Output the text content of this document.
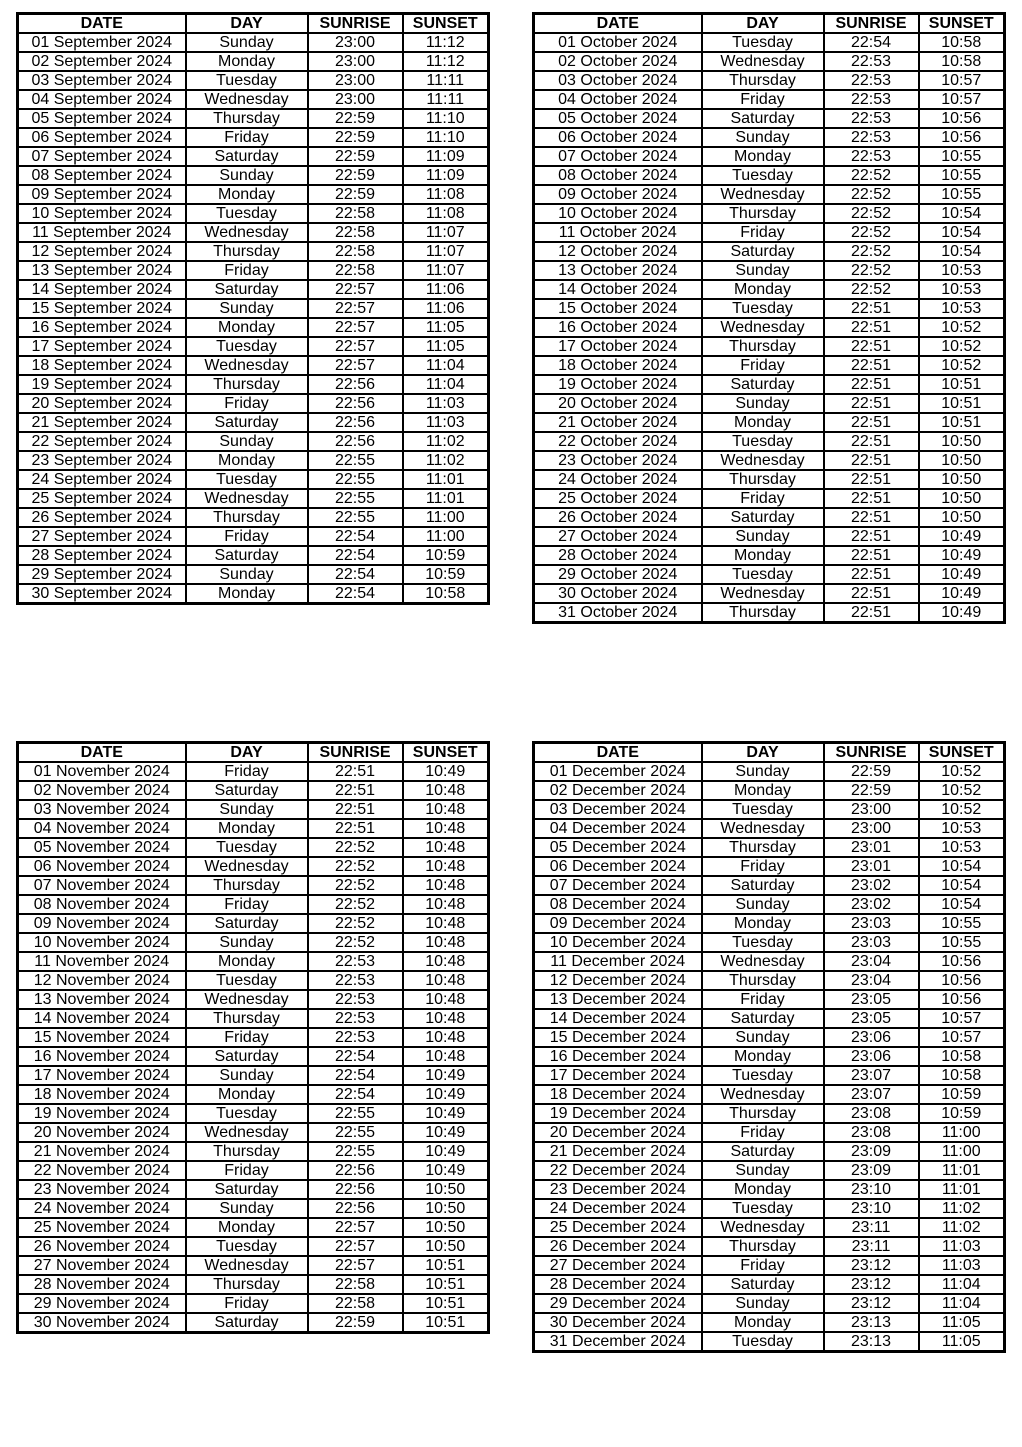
DATE	DAY	SUNRISE	SUNSET
01 September 2024	Sunday	23:00	11:12
02 September 2024	Monday	23:00	11:12
03 September 2024	Tuesday	23:00	11:11
04 September 2024	Wednesday	23:00	11:11
05 September 2024	Thursday	22:59	11:10
06 September 2024	Friday	22:59	11:10
07 September 2024	Saturday	22:59	11:09
08 September 2024	Sunday	22:59	11:09
09 September 2024	Monday	22:59	11:08
10 September 2024	Tuesday	22:58	11:08
11 September 2024	Wednesday	22:58	11:07
12 September 2024	Thursday	22:58	11:07
13 September 2024	Friday	22:58	11:07
14 September 2024	Saturday	22:57	11:06
15 September 2024	Sunday	22:57	11:06
16 September 2024	Monday	22:57	11:05
17 September 2024	Tuesday	22:57	11:05
18 September 2024	Wednesday	22:57	11:04
19 September 2024	Thursday	22:56	11:04
20 September 2024	Friday	22:56	11:03
21 September 2024	Saturday	22:56	11:03
22 September 2024	Sunday	22:56	11:02
23 September 2024	Monday	22:55	11:02
24 September 2024	Tuesday	22:55	11:01
25 September 2024	Wednesday	22:55	11:01
26 September 2024	Thursday	22:55	11:00
27 September 2024	Friday	22:54	11:00
28 September 2024	Saturday	22:54	10:59
29 September 2024	Sunday	22:54	10:59
30 September 2024	Monday	22:54	10:58
DATE	DAY	SUNRISE	SUNSET
01 October 2024	Tuesday	22:54	10:58
02 October 2024	Wednesday	22:53	10:58
03 October 2024	Thursday	22:53	10:57
04 October 2024	Friday	22:53	10:57
05 October 2024	Saturday	22:53	10:56
06 October 2024	Sunday	22:53	10:56
07 October 2024	Monday	22:53	10:55
08 October 2024	Tuesday	22:52	10:55
09 October 2024	Wednesday	22:52	10:55
10 October 2024	Thursday	22:52	10:54
11 October 2024	Friday	22:52	10:54
12 October 2024	Saturday	22:52	10:54
13 October 2024	Sunday	22:52	10:53
14 October 2024	Monday	22:52	10:53
15 October 2024	Tuesday	22:51	10:53
16 October 2024	Wednesday	22:51	10:52
17 October 2024	Thursday	22:51	10:52
18 October 2024	Friday	22:51	10:52
19 October 2024	Saturday	22:51	10:51
20 October 2024	Sunday	22:51	10:51
21 October 2024	Monday	22:51	10:51
22 October 2024	Tuesday	22:51	10:50
23 October 2024	Wednesday	22:51	10:50
24 October 2024	Thursday	22:51	10:50
25 October 2024	Friday	22:51	10:50
26 October 2024	Saturday	22:51	10:50
27 October 2024	Sunday	22:51	10:49
28 October 2024	Monday	22:51	10:49
29 October 2024	Tuesday	22:51	10:49
30 October 2024	Wednesday	22:51	10:49
31 October 2024	Thursday	22:51	10:49
DATE	DAY	SUNRISE	SUNSET
01 November 2024	Friday	22:51	10:49
02 November 2024	Saturday	22:51	10:48
03 November 2024	Sunday	22:51	10:48
04 November 2024	Monday	22:51	10:48
05 November 2024	Tuesday	22:52	10:48
06 November 2024	Wednesday	22:52	10:48
07 November 2024	Thursday	22:52	10:48
08 November 2024	Friday	22:52	10:48
09 November 2024	Saturday	22:52	10:48
10 November 2024	Sunday	22:52	10:48
11 November 2024	Monday	22:53	10:48
12 November 2024	Tuesday	22:53	10:48
13 November 2024	Wednesday	22:53	10:48
14 November 2024	Thursday	22:53	10:48
15 November 2024	Friday	22:53	10:48
16 November 2024	Saturday	22:54	10:48
17 November 2024	Sunday	22:54	10:49
18 November 2024	Monday	22:54	10:49
19 November 2024	Tuesday	22:55	10:49
20 November 2024	Wednesday	22:55	10:49
21 November 2024	Thursday	22:55	10:49
22 November 2024	Friday	22:56	10:49
23 November 2024	Saturday	22:56	10:50
24 November 2024	Sunday	22:56	10:50
25 November 2024	Monday	22:57	10:50
26 November 2024	Tuesday	22:57	10:50
27 November 2024	Wednesday	22:57	10:51
28 November 2024	Thursday	22:58	10:51
29 November 2024	Friday	22:58	10:51
30 November 2024	Saturday	22:59	10:51
DATE	DAY	SUNRISE	SUNSET
01 December 2024	Sunday	22:59	10:52
02 December 2024	Monday	22:59	10:52
03 December 2024	Tuesday	23:00	10:52
04 December 2024	Wednesday	23:00	10:53
05 December 2024	Thursday	23:01	10:53
06 December 2024	Friday	23:01	10:54
07 December 2024	Saturday	23:02	10:54
08 December 2024	Sunday	23:02	10:54
09 December 2024	Monday	23:03	10:55
10 December 2024	Tuesday	23:03	10:55
11 December 2024	Wednesday	23:04	10:56
12 December 2024	Thursday	23:04	10:56
13 December 2024	Friday	23:05	10:56
14 December 2024	Saturday	23:05	10:57
15 December 2024	Sunday	23:06	10:57
16 December 2024	Monday	23:06	10:58
17 December 2024	Tuesday	23:07	10:58
18 December 2024	Wednesday	23:07	10:59
19 December 2024	Thursday	23:08	10:59
20 December 2024	Friday	23:08	11:00
21 December 2024	Saturday	23:09	11:00
22 December 2024	Sunday	23:09	11:01
23 December 2024	Monday	23:10	11:01
24 December 2024	Tuesday	23:10	11:02
25 December 2024	Wednesday	23:11	11:02
26 December 2024	Thursday	23:11	11:03
27 December 2024	Friday	23:12	11:03
28 December 2024	Saturday	23:12	11:04
29 December 2024	Sunday	23:12	11:04
30 December 2024	Monday	23:13	11:05
31 December 2024	Tuesday	23:13	11:05
